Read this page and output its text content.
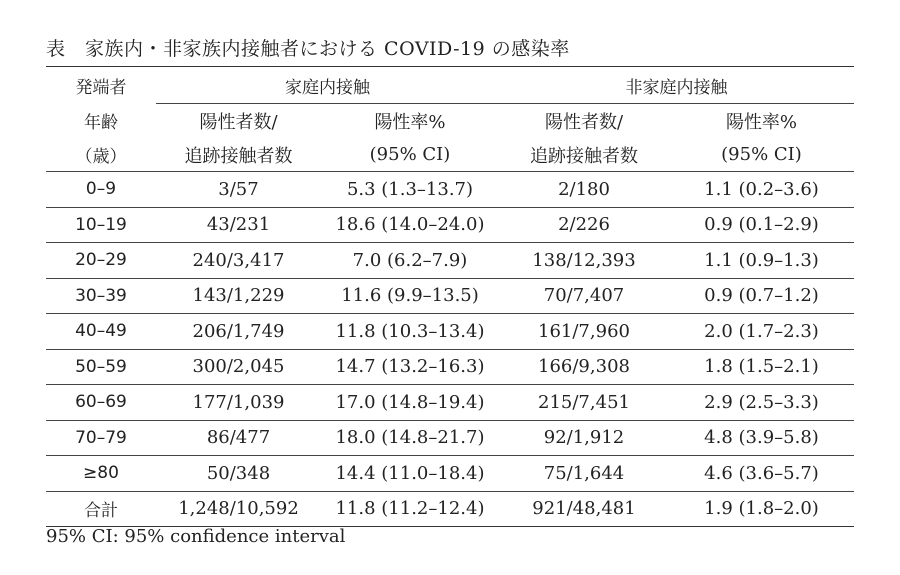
表　家族内・非家族内接触者における COVID-19 の感染率
発端者	家庭内接触		非家庭内接触	
年齢	陽性者数/	陽性率%	陽性者数/	陽性率%
（歳）	追跡接触者数	(95% CI)	追跡接触者数	(95% CI)
0–9	3/57	5.3 (1.3–13.7)	2/180	1.1 (0.2–3.6)
10–19	43/231	18.6 (14.0–24.0)	2/226	0.9 (0.1–2.9)
20–29	240/3,417	7.0 (6.2–7.9)	138/12,393	1.1 (0.9–1.3)
30–39	143/1,229	11.6 (9.9–13.5)	70/7,407	0.9 (0.7–1.2)
40–49	206/1,749	11.8 (10.3–13.4)	161/7,960	2.0 (1.7–2.3)
50–59	300/2,045	14.7 (13.2–16.3)	166/9,308	1.8 (1.5–2.1)
60–69	177/1,039	17.0 (14.8–19.4)	215/7,451	2.9 (2.5–3.3)
70–79	86/477	18.0 (14.8–21.7)	92/1,912	4.8 (3.9–5.8)
≥80	50/348	14.4 (11.0–18.4)	75/1,644	4.6 (3.6–5.7)
合計	1,248/10,592	11.8 (11.2–12.4)	921/48,481	1.9 (1.8–2.0)
95% CI: 95% confidence interval
